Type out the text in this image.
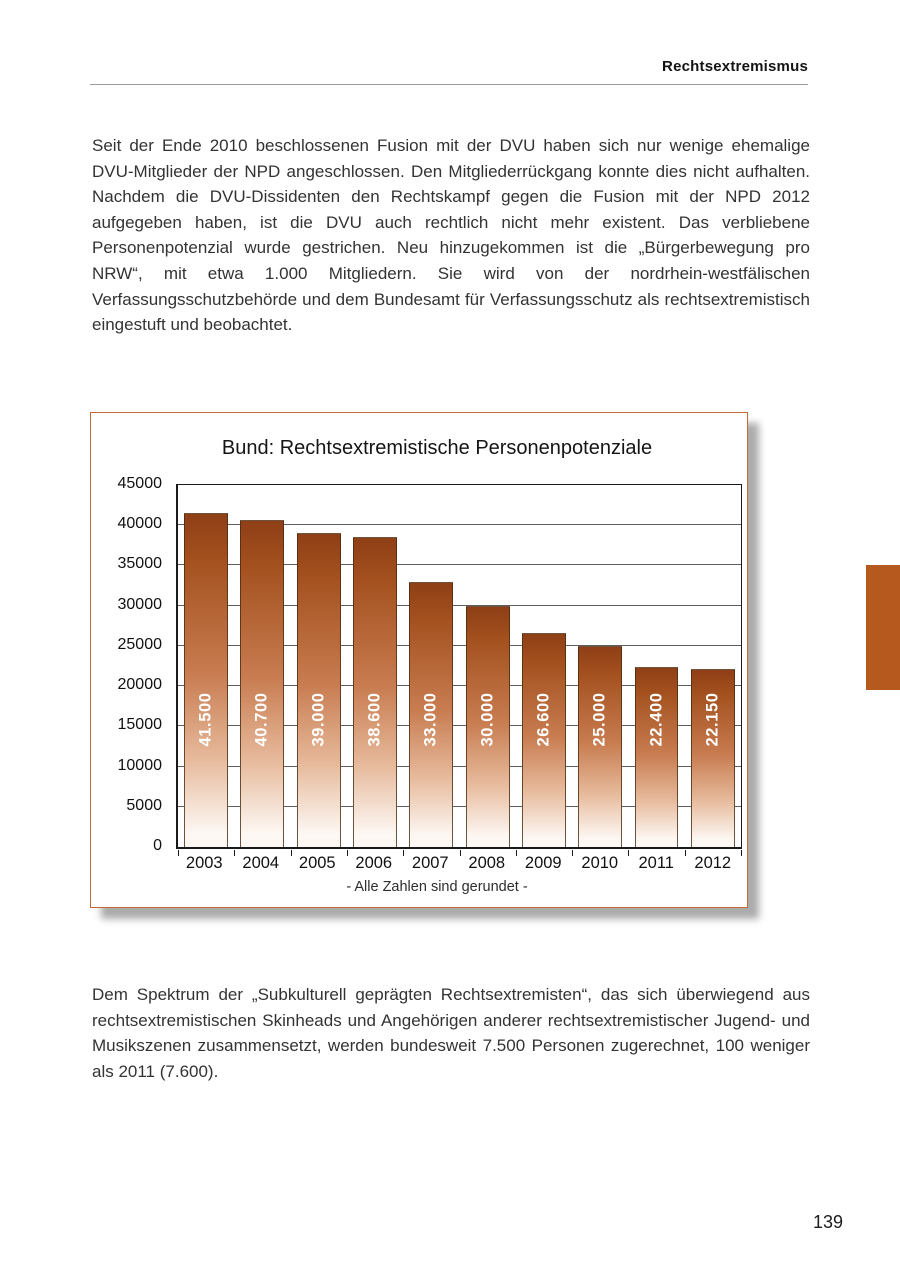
Rechtsextremismus

Seit der Ende 2010 beschlossenen Fusion mit der DVU haben sich nur wenige ehemalige DVU-Mitglieder der NPD angeschlossen. Den Mitgliederrückgang konnte dies nicht aufhalten. Nachdem die DVU-Dissidenten den Rechtskampf gegen die Fusion mit der NPD 2012 aufgegeben haben, ist die DVU auch rechtlich nicht mehr existent. Das verbliebene Personenpotenzial wurde gestrichen. Neu hinzugekommen ist die „Bürgerbewegung pro NRW“, mit etwa 1.000 Mitgliedern. Sie wird von der nordrhein-westfälischen Verfassungsschutzbehörde und dem Bundesamt für Verfassungsschutz als rechtsextremistisch eingestuft und beobachtet.

Bund: Rechtsextremistische Personenpotenziale
45000
40000
35000
30000
25000
20000
15000
10000
5000
0
41.500 40.700 39.000 38.600 33.000 30.000 26.600 25.000 22.400 22.150
2003	2004	2005	2006	2007	2008	2009	2010	2011	2012
- Alle Zahlen sind gerundet -

Dem Spektrum der „Subkulturell geprägten Rechtsextremisten“, das sich überwiegend aus rechtsextremistischen Skinheads und Angehörigen anderer rechtsextremistischer Jugend- und Musikszenen zusammensetzt, werden bundesweit 7.500 Personen zugerechnet, 100 weniger als 2011 (7.600).

139
